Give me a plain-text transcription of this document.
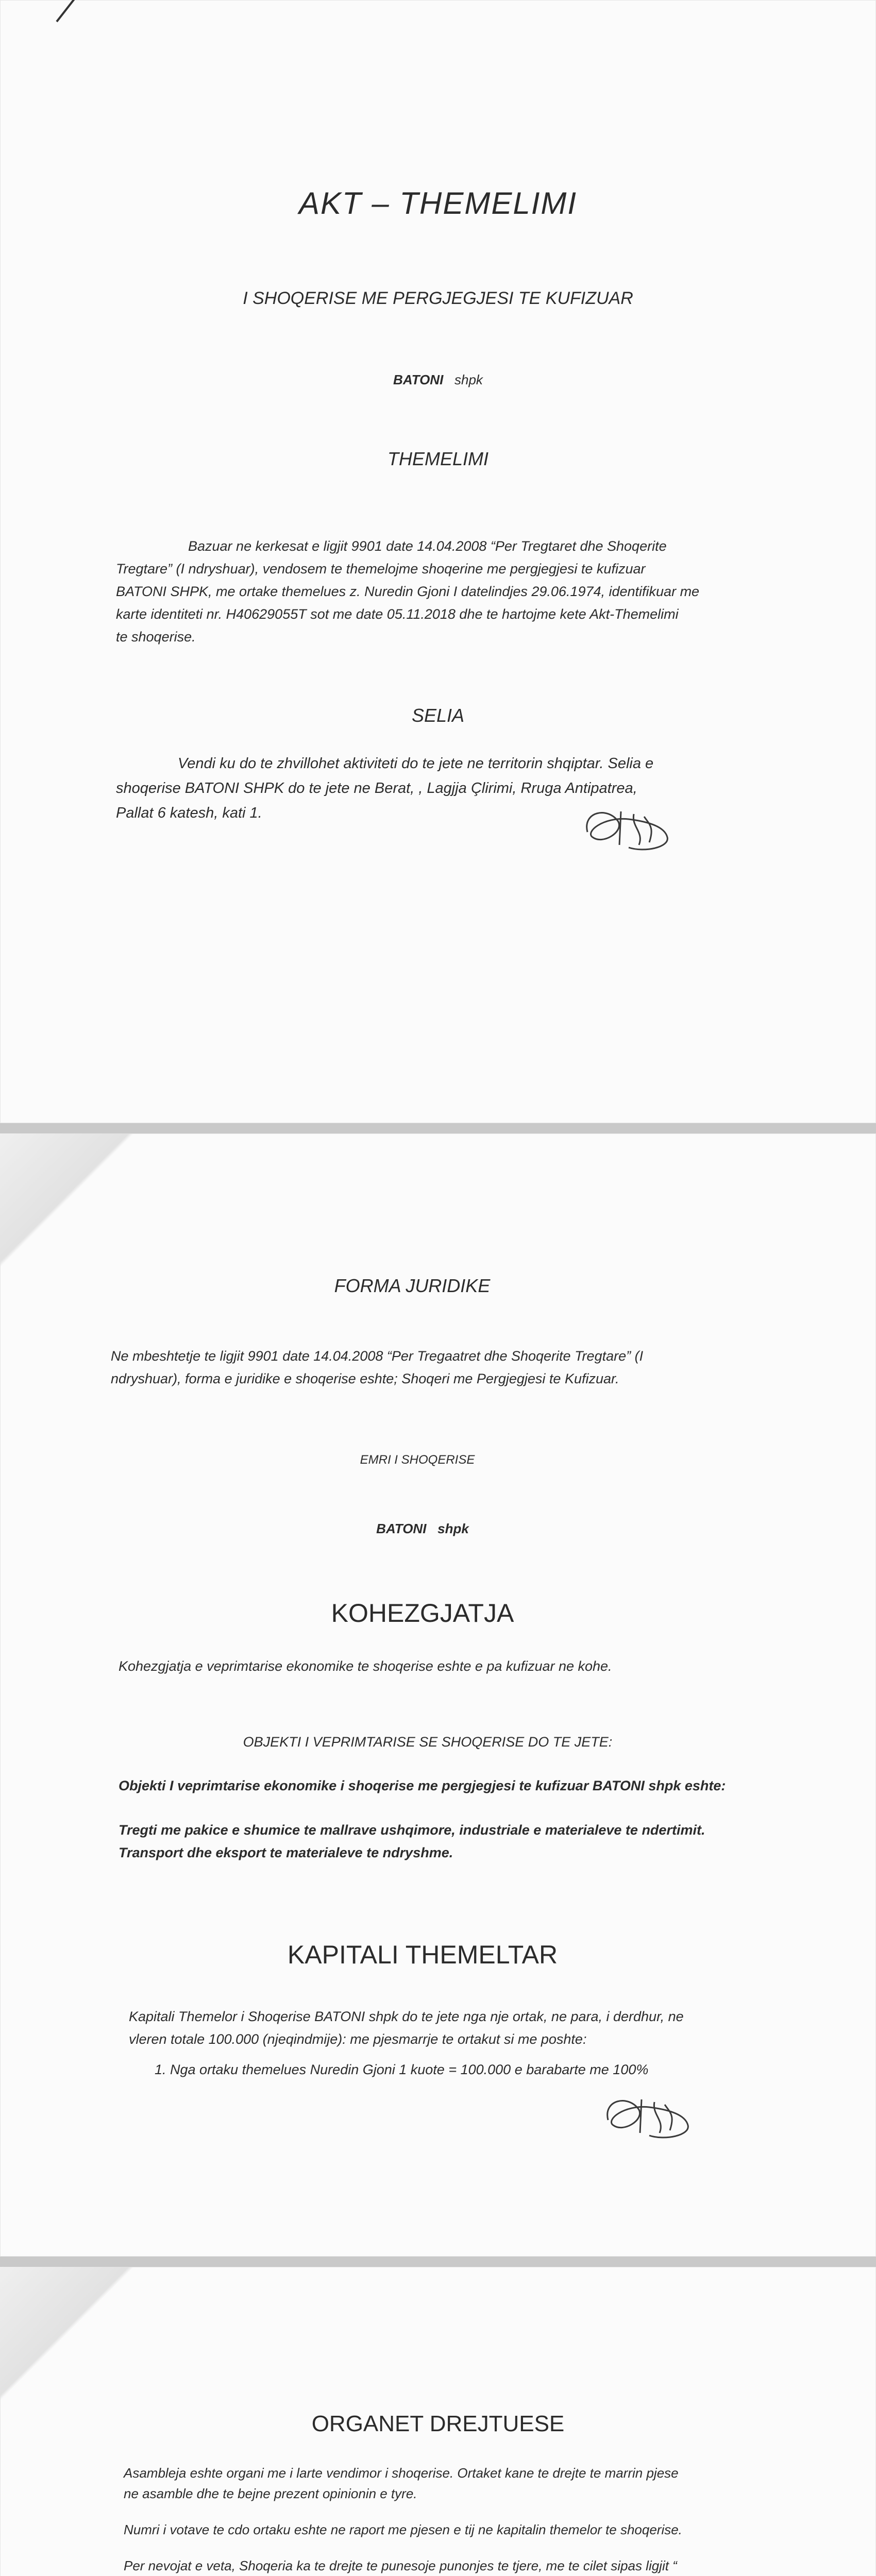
AKT – THEMELIMI
I SHOQERISE ME PERGJEGJESI TE KUFIZUAR
BATONI shpk
THEMELIMI
Bazuar ne kerkesat e ligjit 9901 date 14.04.2008 “Per Tregtaret dhe Shoqerite
Tregtare” (I ndryshuar), vendosem te themelojme shoqerine me pergjegjesi te kufizuar
BATONI SHPK, me ortake themelues z. Nuredin Gjoni I datelindjes 29.06.1974, identifikuar me
karte identiteti nr. H40629055T sot me date 05.11.2018 dhe te hartojme kete Akt-Themelimi
te shoqerise.
SELIA
Vendi ku do te zhvillohet aktiviteti do te jete ne territorin shqiptar. Selia e
shoqerise BATONI SHPK do te jete ne Berat, , Lagjja Çlirimi, Rruga Antipatrea,
Pallat 6 katesh, kati 1.
FORMA JURIDIKE
Ne mbeshtetje te ligjit 9901 date 14.04.2008 “Per Tregaatret dhe Shoqerite Tregtare” (I
ndryshuar), forma e juridike e shoqerise eshte; Shoqeri me Pergjegjesi te Kufizuar.
EMRI I SHOQERISE
BATONI shpk
KOHEZGJATJA
Kohezgjatja e veprimtarise ekonomike te shoqerise eshte e pa kufizuar ne kohe.
OBJEKTI I VEPRIMTARISE SE SHOQERISE DO TE JETE:
Objekti I veprimtarise ekonomike i shoqerise me pergjegjesi te kufizuar BATONI shpk eshte:
Tregti me pakice e shumice te mallrave ushqimore, industriale e materialeve te ndertimit.
Transport dhe eksport te materialeve te ndryshme.
KAPITALI THEMELTAR
Kapitali Themelor i Shoqerise BATONI shpk do te jete nga nje ortak, ne para, i derdhur, ne
vleren totale 100.000 (njeqindmije): me pjesmarrje te ortakut si me poshte:
1. Nga ortaku themelues Nuredin Gjoni 1 kuote = 100.000 e barabarte me 100%
ORGANET DREJTUESE
Asambleja eshte organi me i larte vendimor i shoqerise. Ortaket kane te drejte te marrin pjese
ne asamble dhe te bejne prezent opinionin e tyre.
Numri i votave te cdo ortaku eshte ne raport me pjesen e tij ne kapitalin themelor te shoqerise.
Per nevojat e veta, Shoqeria ka te drejte te punesoje punonjes te tjere, me te cilet sipas ligjit “
